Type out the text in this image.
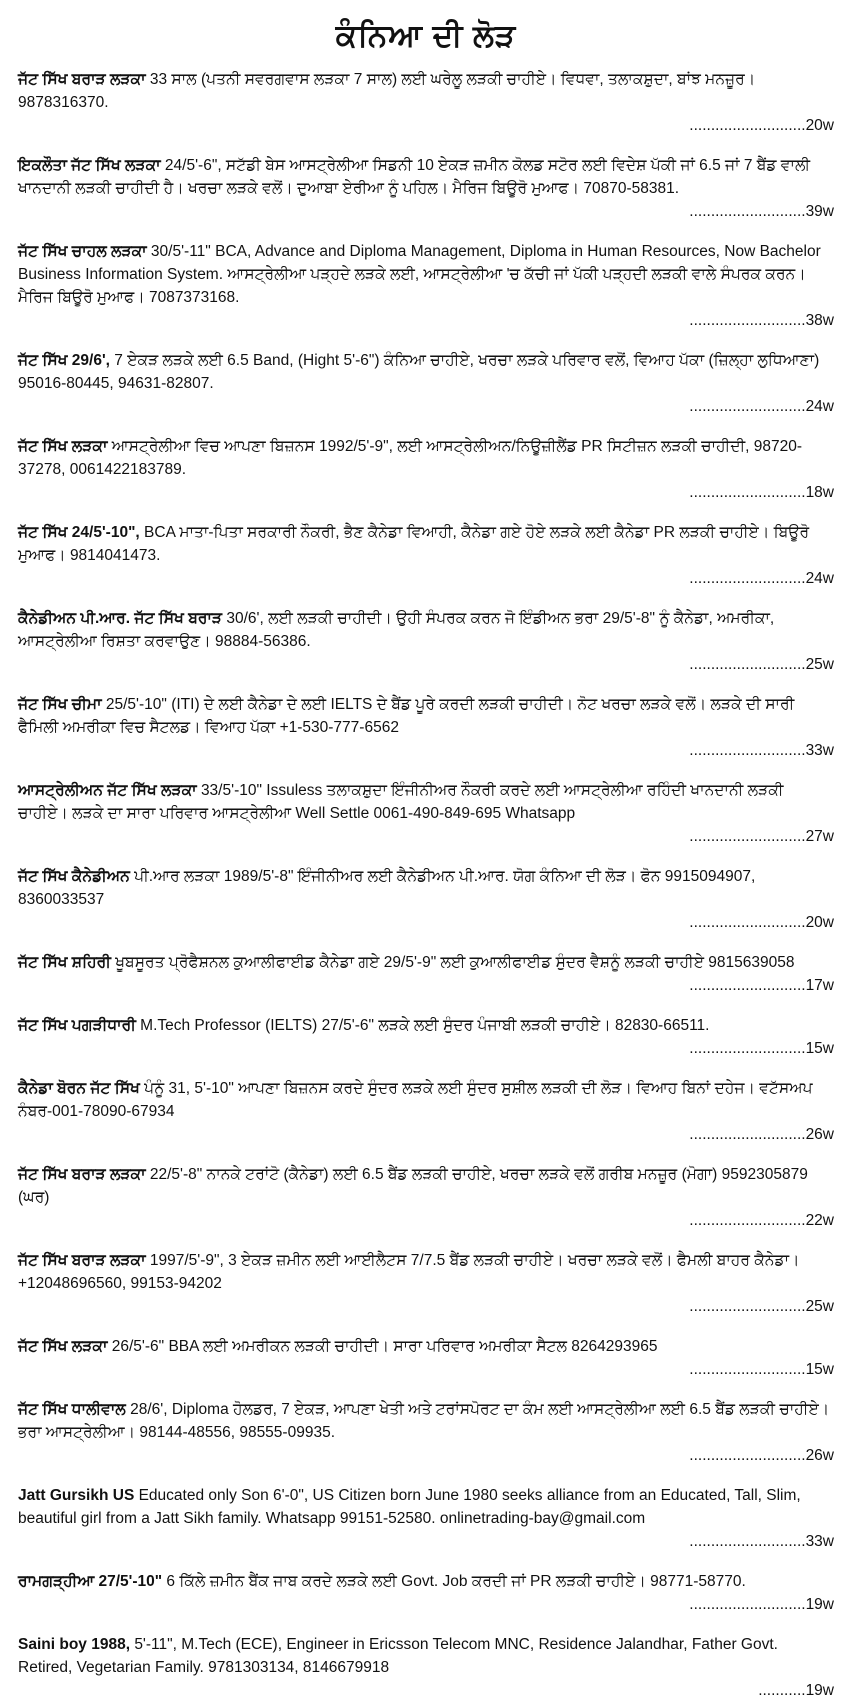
ਕੰਨਿਆ ਦੀ ਲੋੜ
ਜੱਟ ਸਿੱਖ ਬਰਾੜ ਲੜਕਾ 33 ਸਾਲ (ਪਤਨੀ ਸਵਰਗਵਾਸ ਲੜਕਾ 7 ਸਾਲ) ਲਈ ਘਰੇਲੂ ਲੜਕੀ ਚਾਹੀਏ। ਵਿਧਵਾ, ਤਲਾਕਸ਼ੁਦਾ, ਬਾਂਝ ਮਨਜ਼ੂਰ। 9878316370.
...........................20w
ਇਕਲੌਤਾ ਜੱਟ ਸਿੱਖ ਲੜਕਾ 24/5'-6", ਸਟੱਡੀ ਬੇਸ ਆਸਟ੍ਰੇਲੀਆ ਸਿਡਨੀ 10 ਏਕੜ ਜ਼ਮੀਨ ਕੋਲਡ ਸਟੋਰ ਲਈ ਵਿਦੇਸ਼ ਪੱਕੀ ਜਾਂ 6.5 ਜਾਂ 7 ਬੈਂਡ ਵਾਲੀ ਖਾਨਦਾਨੀ ਲੜਕੀ ਚਾਹੀਦੀ ਹੈ। ਖਰਚਾ ਲੜਕੇ ਵਲੋਂ। ਦੁਆਬਾ ਏਰੀਆ ਨੂੰ ਪਹਿਲ। ਮੈਰਿਜ ਬਿਊਰੋ ਮੁਆਫ। 70870-58381.
...........................39w
ਜੱਟ ਸਿੱਖ ਚਾਹਲ ਲੜਕਾ 30/5'-11" BCA, Advance and Diploma Management, Diploma in Human Resources, Now Bachelor Business Information System. ਆਸਟ੍ਰੇਲੀਆ ਪੜ੍ਹਦੇ ਲੜਕੇ ਲਈ, ਆਸਟ੍ਰੇਲੀਆ 'ਚ ਕੱਚੀ ਜਾਂ ਪੱਕੀ ਪੜ੍ਹਦੀ ਲੜਕੀ ਵਾਲੇ ਸੰਪਰਕ ਕਰਨ। ਮੈਰਿਜ ਬਿਊਰੋ ਮੁਆਫ। 7087373168.
...........................38w
ਜੱਟ ਸਿੱਖ 29/6', 7 ਏਕੜ ਲੜਕੇ ਲਈ 6.5 Band, (Hight 5'-6") ਕੰਨਿਆ ਚਾਹੀਏ, ਖਰਚਾ ਲੜਕੇ ਪਰਿਵਾਰ ਵਲੋਂ, ਵਿਆਹ ਪੱਕਾ (ਜ਼ਿਲ੍ਹਾ ਲੁਧਿਆਣਾ) 95016-80445, 94631-82807.
...........................24w
ਜੱਟ ਸਿੱਖ ਲੜਕਾ ਆਸਟ੍ਰੇਲੀਆ ਵਿਚ ਆਪਣਾ ਬਿਜ਼ਨਸ 1992/5'-9", ਲਈ ਆਸਟ੍ਰੇਲੀਅਨ/ਨਿਊਜ਼ੀਲੈਂਡ PR ਸਿਟੀਜ਼ਨ ਲੜਕੀ ਚਾਹੀਦੀ, 98720-37278, 0061422183789.
...........................18w
ਜੱਟ ਸਿੱਖ 24/5'-10", BCA ਮਾਤਾ-ਪਿਤਾ ਸਰਕਾਰੀ ਨੌਕਰੀ, ਭੈਣ ਕੈਨੇਡਾ ਵਿਆਹੀ, ਕੈਨੇਡਾ ਗਏ ਹੋਏ ਲੜਕੇ ਲਈ ਕੈਨੇਡਾ PR ਲੜਕੀ ਚਾਹੀਏ। ਬਿਊਰੋ ਮੁਆਫ। 9814041473.
...........................24w
ਕੈਨੇਡੀਅਨ ਪੀ.ਆਰ. ਜੱਟ ਸਿੱਖ ਬਰਾੜ 30/6', ਲਈ ਲੜਕੀ ਚਾਹੀਦੀ। ਉਹੀ ਸੰਪਰਕ ਕਰਨ ਜੋ ਇੰਡੀਅਨ ਭਰਾ 29/5'-8" ਨੂੰ ਕੈਨੇਡਾ, ਅਮਰੀਕਾ, ਆਸਟ੍ਰੇਲੀਆ ਰਿਸ਼ਤਾ ਕਰਵਾਉਣ। 98884-56386.
...........................25w
ਜੱਟ ਸਿੱਖ ਚੀਮਾ 25/5'-10" (ITI) ਦੇ ਲਈ ਕੈਨੇਡਾ ਦੇ ਲਈ IELTS ਦੇ ਬੈਂਡ ਪੂਰੇ ਕਰਦੀ ਲੜਕੀ ਚਾਹੀਦੀ। ਨੋਟ ਖਰਚਾ ਲੜਕੇ ਵਲੋਂ। ਲੜਕੇ ਦੀ ਸਾਰੀ ਫੈਮਿਲੀ ਅਮਰੀਕਾ ਵਿਚ ਸੈਟਲਡ। ਵਿਆਹ ਪੱਕਾ +1-530-777-6562
...........................33w
ਆਸਟ੍ਰੇਲੀਅਨ ਜੱਟ ਸਿੱਖ ਲੜਕਾ 33/5'-10" Issuless ਤਲਾਕਸ਼ੁਦਾ ਇੰਜੀਨੀਅਰ ਨੌਕਰੀ ਕਰਦੇ ਲਈ ਆਸਟ੍ਰੇਲੀਆ ਰਹਿੰਦੀ ਖਾਨਦਾਨੀ ਲੜਕੀ ਚਾਹੀਏ। ਲੜਕੇ ਦਾ ਸਾਰਾ ਪਰਿਵਾਰ ਆਸਟ੍ਰੇਲੀਆ Well Settle 0061-490-849-695 Whatsapp
...........................27w
ਜੱਟ ਸਿੱਖ ਕੈਨੇਡੀਅਨ ਪੀ.ਆਰ ਲੜਕਾ 1989/5'-8" ਇੰਜੀਨੀਅਰ ਲਈ ਕੈਨੇਡੀਅਨ ਪੀ.ਆਰ. ਯੋਗ ਕੰਨਿਆ ਦੀ ਲੋੜ। ਫੋਨ 9915094907, 8360033537
...........................20w
ਜੱਟ ਸਿੱਖ ਸ਼ਹਿਰੀ ਖੂਬਸੂਰਤ ਪ੍ਰੋਫੈਸ਼ਨਲ ਕੁਆਲੀਫਾਈਡ ਕੈਨੇਡਾ ਗਏ 29/5'-9" ਲਈ ਕੁਆਲੀਫਾਈਡ ਸੁੰਦਰ ਵੈਸ਼ਨੂੰ ਲੜਕੀ ਚਾਹੀਏ 9815639058
...........................17w
ਜੱਟ ਸਿੱਖ ਪਗੜੀਧਾਰੀ M.Tech Professor (IELTS) 27/5'-6" ਲੜਕੇ ਲਈ ਸੁੰਦਰ ਪੰਜਾਬੀ ਲੜਕੀ ਚਾਹੀਏ। 82830-66511.
...........................15w
ਕੈਨੇਡਾ ਬੋਰਨ ਜੱਟ ਸਿੱਖ ਪੰਨੂੰ 31, 5'-10" ਆਪਣਾ ਬਿਜ਼ਨਸ ਕਰਦੇ ਸੁੰਦਰ ਲੜਕੇ ਲਈ ਸੁੰਦਰ ਸੁਸ਼ੀਲ ਲੜਕੀ ਦੀ ਲੋੜ। ਵਿਆਹ ਬਿਨਾਂ ਦਹੇਜ। ਵਟੱਸਅਪ ਨੰਬਰ-001-78090-67934
...........................26w
ਜੱਟ ਸਿੱਖ ਬਰਾੜ ਲੜਕਾ 22/5'-8" ਨਾਨਕੇ ਟਰਾਂਟੋ (ਕੈਨੇਡਾ) ਲਈ 6.5 ਬੈਂਡ ਲੜਕੀ ਚਾਹੀਏ, ਖਰਚਾ ਲੜਕੇ ਵਲੋਂ ਗਰੀਬ ਮਨਜ਼ੂਰ (ਮੋਗਾ) 9592305879 (ਘਰ)
...........................22w
ਜੱਟ ਸਿੱਖ ਬਰਾੜ ਲੜਕਾ 1997/5'-9", 3 ਏਕੜ ਜ਼ਮੀਨ ਲਈ ਆਈਲੈਟਸ 7/7.5 ਬੈਂਡ ਲੜਕੀ ਚਾਹੀਏ। ਖਰਚਾ ਲੜਕੇ ਵਲੋਂ। ਫੈਮਲੀ ਬਾਹਰ ਕੈਨੇਡਾ। +12048696560, 99153-94202
...........................25w
ਜੱਟ ਸਿੱਖ ਲੜਕਾ 26/5'-6" BBA ਲਈ ਅਮਰੀਕਨ ਲੜਕੀ ਚਾਹੀਦੀ। ਸਾਰਾ ਪਰਿਵਾਰ ਅਮਰੀਕਾ ਸੈਟਲ 8264293965
...........................15w
ਜੱਟ ਸਿੱਖ ਧਾਲੀਵਾਲ 28/6', Diploma ਹੋਲਡਰ, 7 ਏਕੜ, ਆਪਣਾ ਖੇਤੀ ਅਤੇ ਟਰਾਂਸਪੋਰਟ ਦਾ ਕੰਮ ਲਈ ਆਸਟ੍ਰੇਲੀਆ ਲਈ 6.5 ਬੈਂਡ ਲੜਕੀ ਚਾਹੀਏ। ਭਰਾ ਆਸਟ੍ਰੇਲੀਆ। 98144-48556, 98555-09935.
...........................26w
Jatt Gursikh US Educated only Son 6'-0", US Citizen born June 1980 seeks alliance from an Educated, Tall, Slim, beautiful girl from a Jatt Sikh family. Whatsapp 99151-52580. onlinetrading-bay@gmail.com
...........................33w
ਰਾਮਗੜ੍ਹੀਆ 27/5'-10" 6 ਕਿੱਲੇ ਜ਼ਮੀਨ ਬੈਂਕ ਜਾਬ ਕਰਦੇ ਲੜਕੇ ਲਈ Govt. Job ਕਰਦੀ ਜਾਂ PR ਲੜਕੀ ਚਾਹੀਏ। 98771-58770.
...........................19w
Saini boy 1988, 5'-11", M.Tech (ECE), Engineer in Ericsson Telecom MNC, Residence Jalandhar, Father Govt. Retired, Vegetarian Family. 9781303134, 8146679918
...........19w
